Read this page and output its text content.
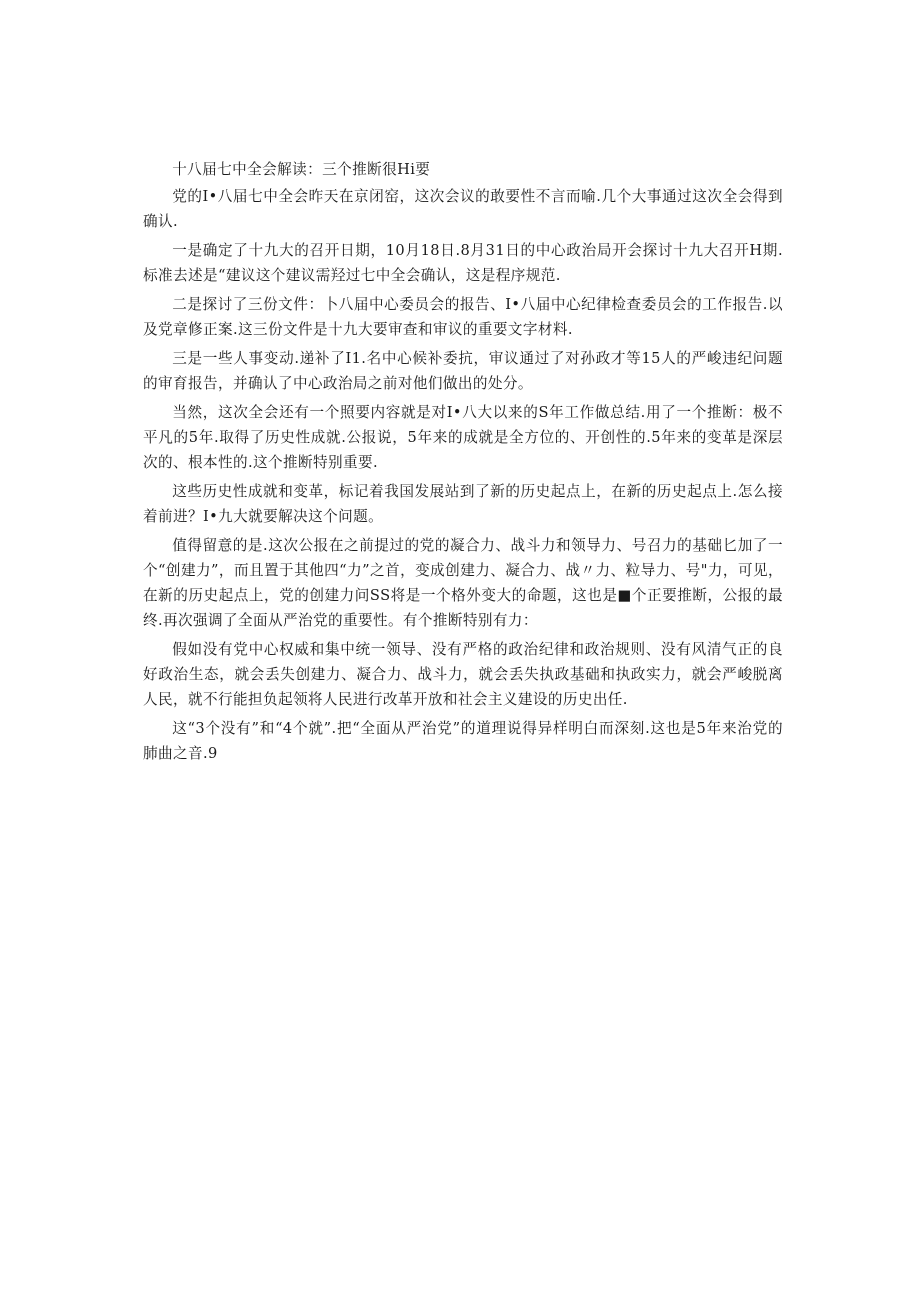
十八届七中全会解读：三个推断很Hi要

党的I•八届七中全会昨天在京闭窑，这次会议的敢要性不言而喻.几个大事通过这次全会得到确认.

一是确定了十九大的召开日期，10月18日.8月31日的中心政治局开会探讨十九大召开H期.标准去述是“建议这个建议需羟过七中全会确认，这是程序规范.

二是探讨了三份文件：卜八届中心委员会的报告、I•八届中心纪律检查委员会的工作报告.以及党章修正案.这三份文件是十九大要审查和审议的重要文字材料.

三是一些人事变动.递补了I1.名中心候补委抗，审议通过了对孙政才等15人的严峻违纪问题的审育报告，并确认了中心政治局之前对他们做出的处分。

当然，这次全会还有一个照要内容就是对I•八大以来的S年工作做总结.用了一个推断：极不平凡的5年.取得了历史性成就.公报说，5年来的成就是全方位的、开创性的.5年来的变革是深层次的、根本性的.这个推断特别重要.

这些历史性成就和变革，标记着我国发展站到了新的历史起点上，在新的历史起点上.怎么接着前进？I•九大就要解决这个问题。

值得留意的是.这次公报在之前提过的党的凝合力、战斗力和领导力、号召力的基础匕加了一个“创建力”，而且置于其他四“力”之首，变成创建力、凝合力、战〃力、粒导力、号"力，可见，在新的历史起点上，党的创建力问SS将是一个格外变大的命题，这也是■个正要推断，公报的最终.再次强调了全面从严治党的重要性。有个推断特别有力：

假如没有党中心权威和集中统一领导、没有严格的政治纪律和政治规则、没有风清气正的良好政治生态，就会丢失创建力、凝合力、战斗力，就会丢失执政基础和执政实力，就会严峻脱离人民，就不行能担负起领将人民进行改革开放和社会主义建设的历史出任.

这“3个没有”和“4个就”.把“全面从严治党”的道理说得异样明白而深刻.这也是5年来治党的肺曲之音.9
